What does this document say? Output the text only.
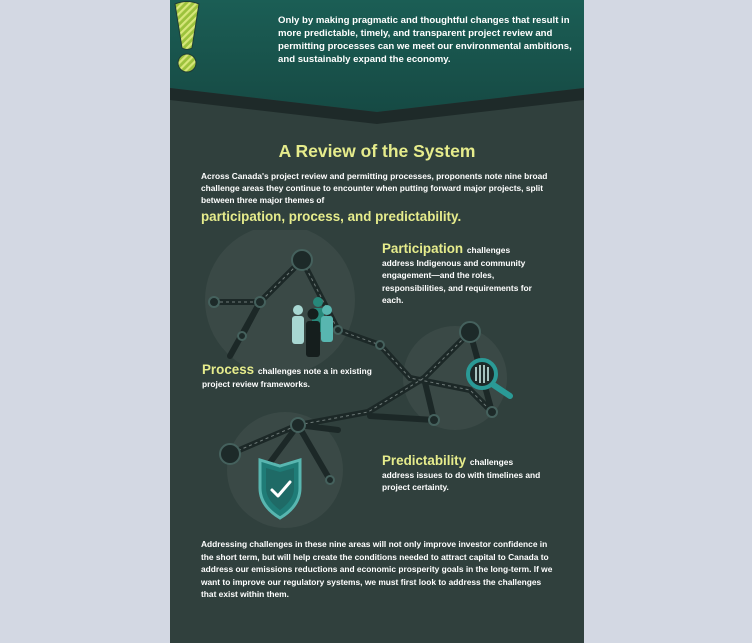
Only by making pragmatic and thoughtful changes that result in more predictable, timely, and transparent project review and permitting processes can we meet our environmental ambitions, and sustainably expand the economy.

A Review of the System

Across Canada's project review and permitting processes, proponents note nine broad challenge areas they continue to encounter when putting forward major projects, split between three major themes of

participation, process, and predictability.

Participation challenges address Indigenous and community engagement—and the roles, responsibilities, and requirements for each.

Process challenges note a in existing project review frameworks.

Predictability challenges address issues to do with timelines and project certainty.

Addressing challenges in these nine areas will not only improve investor confidence in the short term, but will help create the conditions needed to attract capital to Canada to address our emissions reductions and economic prosperity goals in the long-term. If we want to improve our regulatory systems, we must first look to address the challenges that exist within them.
